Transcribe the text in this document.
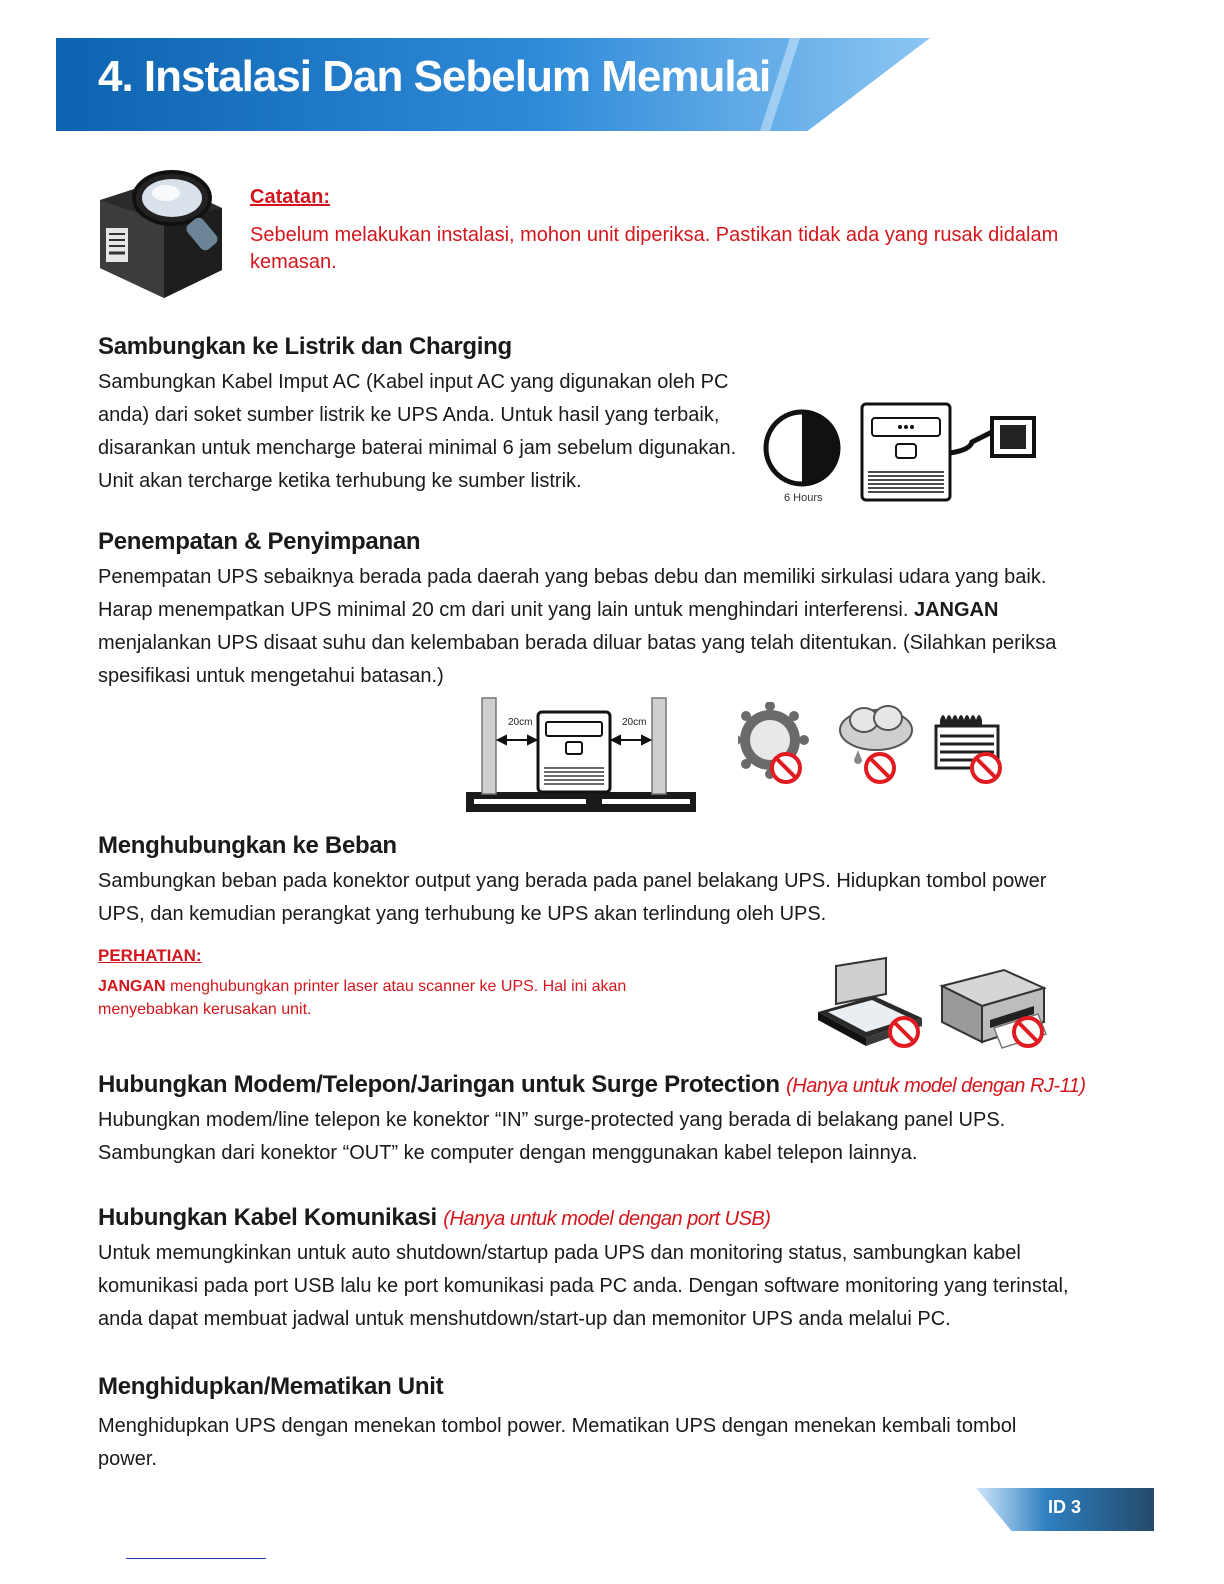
4. Instalasi Dan Sebelum Memulai

Catatan:

Sebelum melakukan instalasi, mohon unit diperiksa. Pastikan tidak ada yang rusak didalam kemasan.

Sambungkan ke Listrik dan Charging

Sambungkan Kabel Imput AC (Kabel input AC yang digunakan oleh PC anda) dari soket sumber listrik ke UPS Anda. Untuk hasil yang terbaik, disarankan untuk mencharge baterai minimal 6 jam sebelum digunakan. Unit akan tercharge ketika terhubung ke sumber listrik.

6 Hours

Penempatan & Penyimpanan

Penempatan UPS sebaiknya berada pada daerah yang bebas debu dan memiliki sirkulasi udara yang baik. Harap menempatkan UPS minimal 20 cm dari unit yang lain untuk menghindari interferensi. JANGAN menjalankan UPS disaat suhu dan kelembaban berada diluar batas yang telah ditentukan. (Silahkan periksa spesifikasi untuk mengetahui batasan.)

20cm	20cm

Menghubungkan ke Beban

Sambungkan beban pada konektor output yang berada pada panel belakang UPS. Hidupkan tombol power UPS, dan kemudian perangkat yang terhubung ke UPS akan terlindung oleh UPS.

PERHATIAN:

JANGAN menghubungkan printer laser atau scanner ke UPS. Hal ini akan menyebabkan kerusakan unit.

Hubungkan Modem/Telepon/Jaringan untuk Surge Protection (Hanya untuk model dengan RJ-11)

Hubungkan modem/line telepon ke konektor “IN” surge-protected yang berada di belakang panel UPS. Sambungkan dari konektor “OUT” ke computer dengan menggunakan kabel telepon lainnya.

Hubungkan Kabel Komunikasi (Hanya untuk model dengan port USB)

Untuk memungkinkan untuk auto shutdown/startup pada UPS dan monitoring status, sambungkan kabel komunikasi pada port USB lalu ke port komunikasi pada PC anda. Dengan software monitoring yang terinstal, anda dapat membuat jadwal untuk menshutdown/start-up dan memonitor UPS anda melalui PC.

Menghidupkan/Mematikan Unit

Menghidupkan UPS dengan menekan tombol power. Mematikan UPS dengan menekan kembali tombol power.

ID 3
